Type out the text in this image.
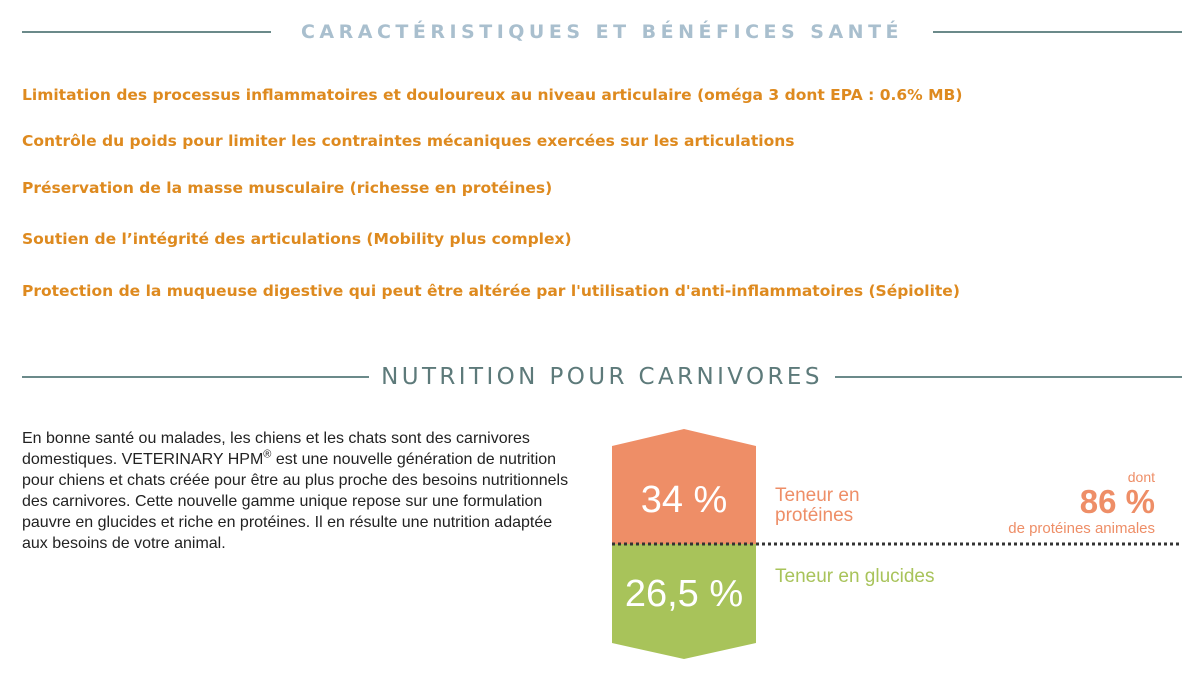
CARACTÉRISTIQUES ET BÉNÉFICES SANTÉ
Limitation des processus inflammatoires et douloureux au niveau articulaire (oméga 3 dont EPA : 0.6% MB)
Contrôle du poids pour limiter les contraintes mécaniques exercées sur les articulations
Préservation de la masse musculaire (richesse en protéines)
Soutien de l’intégrité des articulations (Mobility plus complex)
Protection de la muqueuse digestive qui peut être altérée par l'utilisation d'anti-inflammatoires (Sépiolite)
NUTRITION POUR CARNIVORES
En bonne santé ou malades, les chiens et les chats sont des carnivores domestiques. VETERINARY HPM® est une nouvelle génération de nutrition pour chiens et chats créée pour être au plus proche des besoins nutritionnels des carnivores. Cette nouvelle gamme unique repose sur une formulation pauvre en glucides et riche en protéines. Il en résulte une nutrition adaptée aux besoins de votre animal.
34 %
26,5 %
Teneur en protéines
Teneur en glucides
dont
86 %
de protéines animales
